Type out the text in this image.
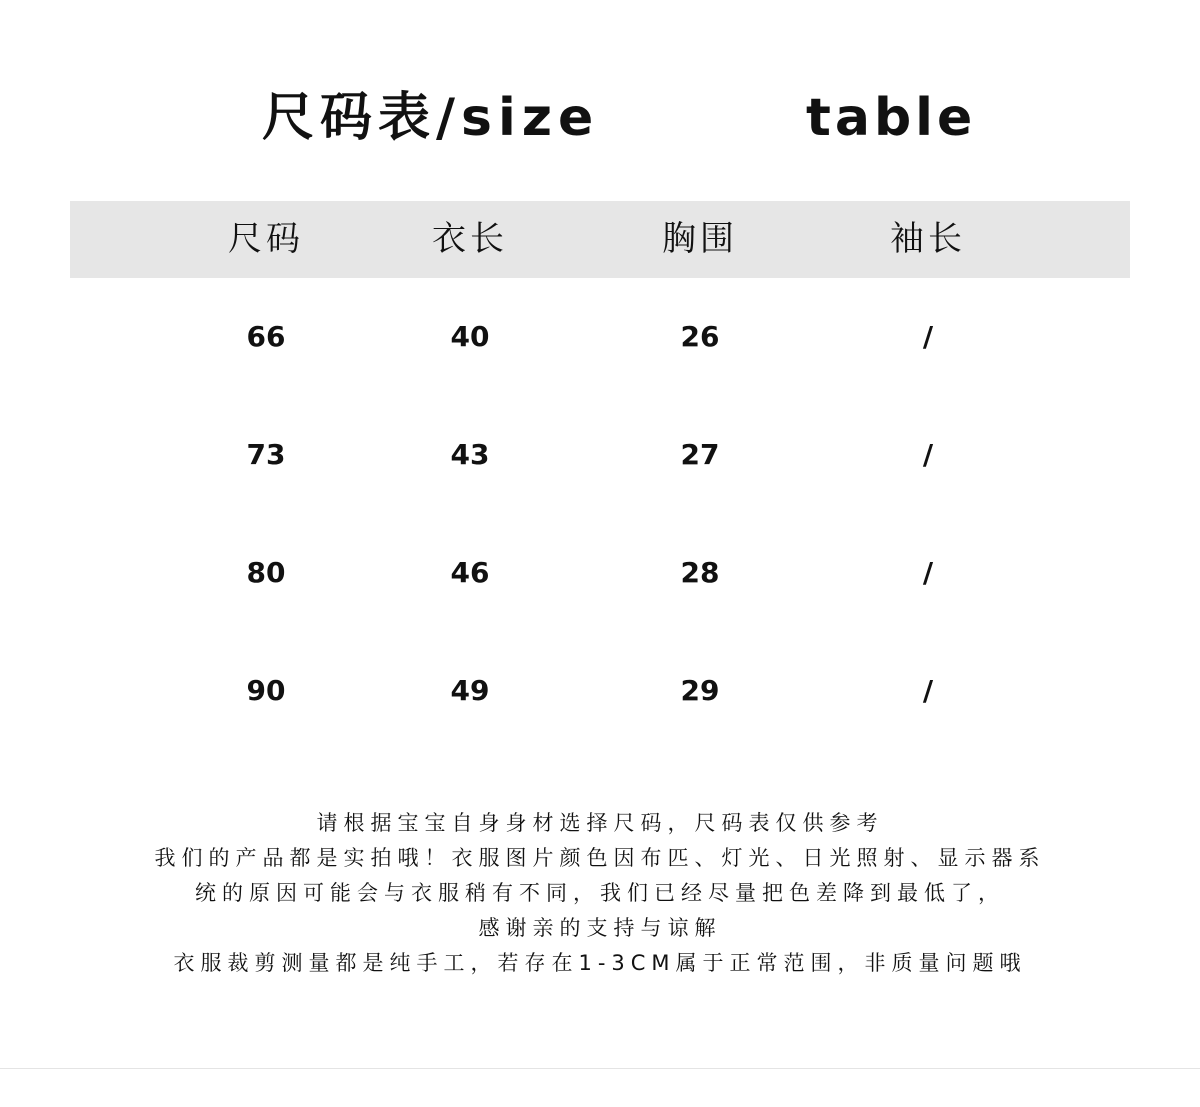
尺码表/size	table
尺码	衣长	胸围	袖长
66	40	26	/
73	43	27	/
80	46	28	/
90	49	29	/
请根据宝宝自身身材选择尺码，尺码表仅供参考
我们的产品都是实拍哦！衣服图片颜色因布匹、灯光、日光照射、显示器系
统的原因可能会与衣服稍有不同，我们已经尽量把色差降到最低了，
感谢亲的支持与谅解
衣服裁剪测量都是纯手工，若存在1-3CM属于正常范围，非质量问题哦
